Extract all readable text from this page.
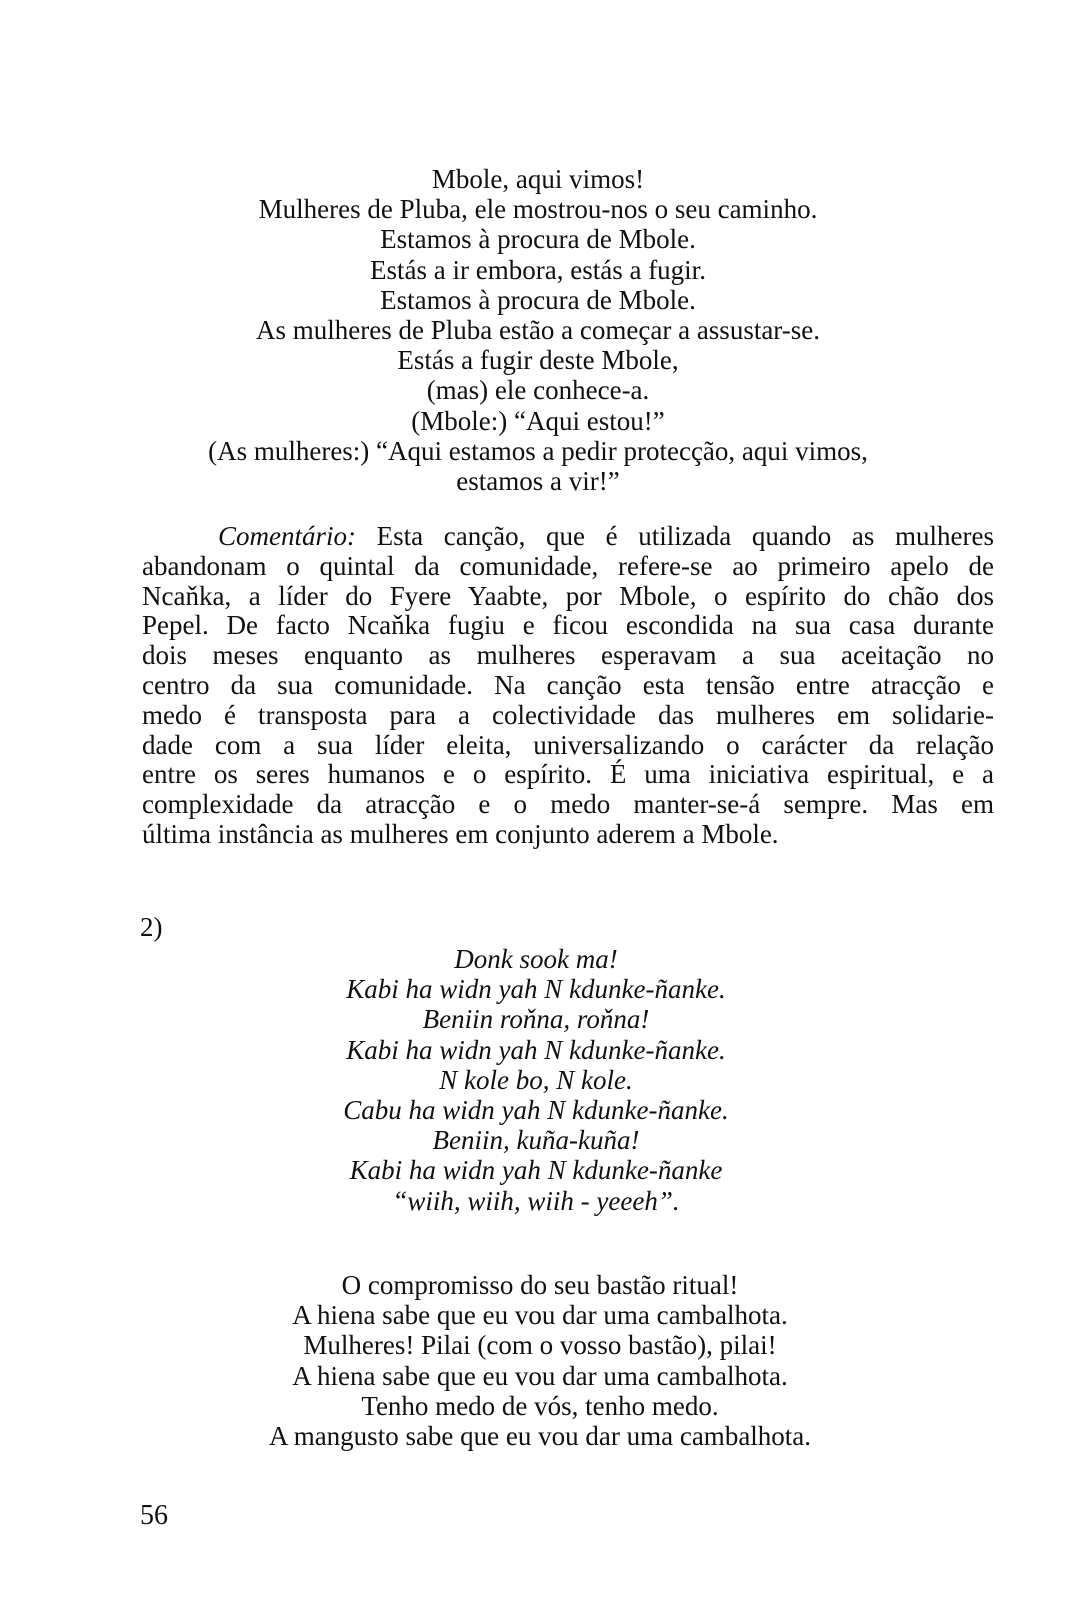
Mbole, aqui vimos!
Mulheres de Pluba, ele mostrou-nos o seu caminho.
Estamos à procura de Mbole.
Estás a ir embora, estás a fugir.
Estamos à procura de Mbole.
As mulheres de Pluba estão a começar a assustar-se.
Estás a fugir deste Mbole,
(mas) ele conhece-a.
(Mbole:) “Aqui estou!”
(As mulheres:) “Aqui estamos a pedir protecção, aqui vimos,
estamos a vir!”
Comentário: Esta canção, que é utilizada quando as mulheres
abandonam o quintal da comunidade, refere-se ao primeiro apelo de
Ncaňka, a líder do Fyere Yaabte, por Mbole, o espírito do chão dos
Pepel. De facto Ncaňka fugiu e ficou escondida na sua casa durante
dois meses enquanto as mulheres esperavam a sua aceitação no
centro da sua comunidade. Na canção esta tensão entre atracção e
medo é transposta para a colectividade das mulheres em solidarie-
dade com a sua líder eleita, universalizando o carácter da relação
entre os seres humanos e o espírito. É uma iniciativa espiritual, e a
complexidade da atracção e o medo manter-se-á sempre. Mas em
última instância as mulheres em conjunto aderem a Mbole.
2)
Donk sook ma!
Kabi ha widn yah N kdunke-ñanke.
Beniin roňna, roňna!
Kabi ha widn yah N kdunke-ñanke.
N kole bo, N kole.
Cabu ha widn yah N kdunke-ñanke.
Beniin, kuña-kuña!
Kabi ha widn yah N kdunke-ñanke
“wiih, wiih, wiih - yeeeh”.
O compromisso do seu bastão ritual!
A hiena sabe que eu vou dar uma cambalhota.
Mulheres! Pilai (com o vosso bastão), pilai!
A hiena sabe que eu vou dar uma cambalhota.
Tenho medo de vós, tenho medo.
A mangusto sabe que eu vou dar uma cambalhota.
56
